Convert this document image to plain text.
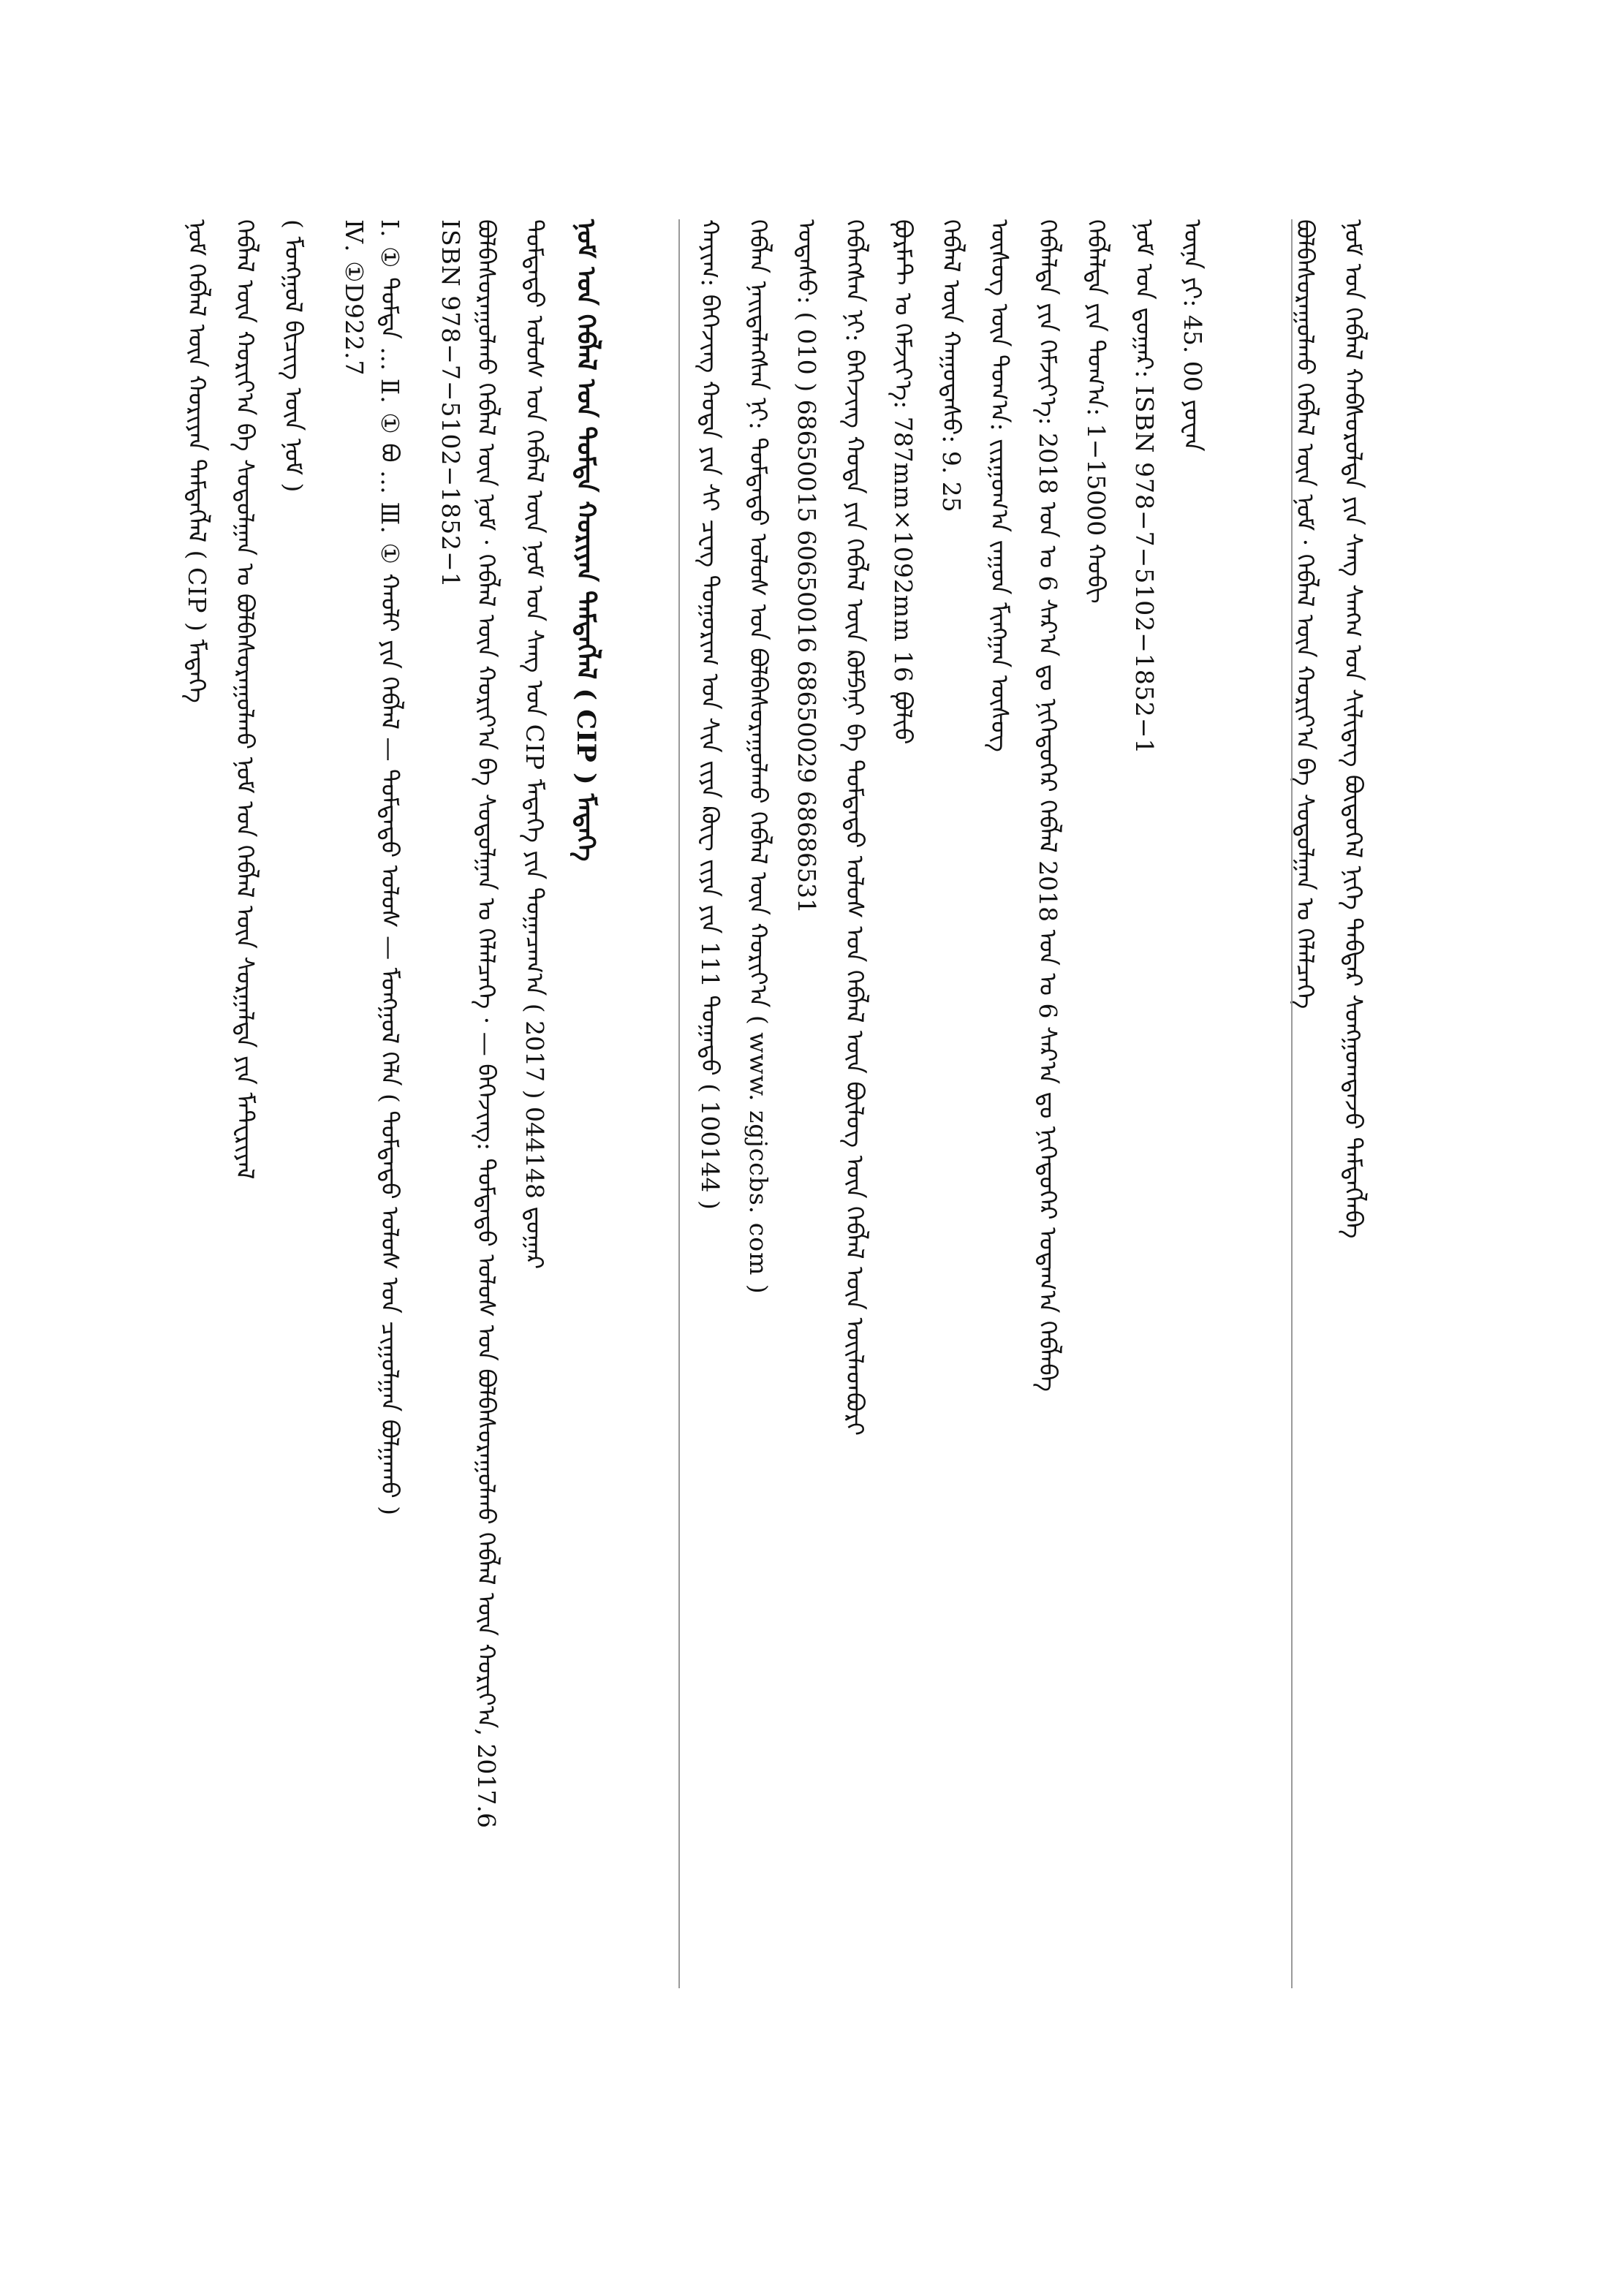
ᠨᠣᠮ ᠤᠨ ᠬᠡᠪᠯᠡᠯ ᠬᠠᠪᠰᠤᠷᠤᠯᠲᠠ ᠶᠢᠨ ᠰᠠᠩ ᠰᠠᠩᠭ᠋ ᠤᠨ ᠰᠢᠯᠢᠳᠡᠭ ᠪᠦᠲᠦᠭᠡᠯ ᠨᠢᠭᠡ ᠳᠡᠪᠲᠡᠷ ᠰᠣᠩᠭ᠋ᠤᠭᠳᠠᠵᠤ ᠲᠡᠮᠳᠡᠭᠯᠡᠪᠡ
ᠪᠣᠯᠪᠠᠰᠤᠷᠠᠭᠤᠯᠬᠤ ᠬᠡᠪᠯᠡᠯ ᠦᠨ ᠨᠣᠮ · ᠬᠡᠪᠯᠡᠯ ᠦᠨ ᠬᠣᠷᠢᠶ᠎ᠠ ᠪᠠ ᠰᠤᠳᠤᠯᠭ᠋ᠠᠨ ᠤ ᠬᠡᠯᠡᠯᠴᠡᠭᠡ
ᠦᠨᠡ ᠶᠢ: 45. 00 ᠶᠤᠸᠠᠨ
ᠨᠣᠮ ᠤᠨ ᠳ᠋ᠤᠭᠠᠷ: ISBN 978−7−5102−1852−1
ᠬᠡᠪᠯᠡᠯᠲᠡ ᠶᠢᠨ ᠲᠣᠭ᠎ᠠ: 1−15000 ᠬᠤᠪᠢ
ᠬᠡᠪᠯᠡᠯᠲᠡ ᠶᠢᠨ ᠬᠡᠮᠵᠢᠶ᠎ᠡ: 2018 ᠣᠨ ᠤ 6 ᠰᠠᠷ᠎ᠠ ᠳᠤ ᠨᠢᠭᠡᠳᠦᠭᠡᠷ ᠬᠡᠪᠯᠡᠯ 2018 ᠣᠨ ᠤ 6 ᠰᠠᠷ᠎ᠠ ᠳᠤ ᠨᠢᠭᠡᠳᠦᠭᠡᠷ ᠤᠳᠠᠭ᠎ᠠ ᠬᠡᠪᠯᠡᠪᠡ
ᠦᠰᠦᠭ ᠦᠨ ᠲᠣᠭ᠎ᠠ: ᠵᠢᠷᠭᠤᠭ᠎ᠠ ᠵᠠᠭᠤᠨ ᠮᠢᠩᠭ᠋ᠠᠨ ᠦᠰᠦᠭ
ᠬᠡᠪᠯᠡᠯ ᠦᠨ ᠬᠠᠭᠤᠳᠠᠰᠤ: 9. 25
ᠹᠤᠷᠮᠠᠲ ᠤ ᠬᠡᠮᠵᠢᠶ᠎ᠡ: 787mm×1092mm 16 ᠹᠣᠯᠢᠣ
ᠬᠡᠪᠯᠡᠭᠰᠡᠨ ᠨᠢ: ᠪᠡᠭᠡᠵᠢᠩ ᠬᠣᠲᠠ ᠶᠢᠨ ᠬᠡᠪᠯᠡᠯ ᠦᠨ ᠺᠣᠮᠫᠠᠨᠢ ᠪᠠ ᠳᠤᠮᠳᠠᠳᠤ ᠤᠯᠤᠰ ᠤᠨ ᠬᠡᠪᠯᠡᠯ ᠦᠨ ᠪᠦᠯᠦᠭ ᠦᠨ ᠬᠡᠪᠯᠡᠯ ᠦᠨ ᠦᠢᠯᠡᠳᠪᠦᠷᠢ
ᠤᠲᠠᠰᠤ: ( 010 ) 68650015 60650016 68650029 68686531
ᠬᠡᠪᠯᠡᠨ ᠨᠡᠢᠲᠡᠯᠡᠭᠰᠡᠨ ᠨᠢ: ᠳᠤᠮᠳᠠᠳᠤ ᠤᠯᠤᠰ ᠤᠨ ᠪᠣᠯᠪᠠᠰᠤᠷᠠᠭᠤᠯᠬᠤ ᠬᠡᠪᠯᠡᠯ ᠦᠨ ᠬᠣᠷᠢᠶ᠎ᠠ ( www. zgjccbs. com )
ᠬᠠᠶᠢᠭ: ᠪᠡᠭᠡᠵᠢᠩ ᠬᠣᠲᠠ ᠶᠢᠨ ᠰᠢ ᠴᠸᠩ ᠲᠣᠭᠣᠷᠢᠭ ᠤᠨ ᠰᠢᠨ ᠵᠢᠶᠡ ᠺᠦᠸ ᠵᠢᠶᠡ ᠶᠢᠨ 111 ᠲᠣᠭᠠᠲᠤ ( 100144 )
ᠨᠣᠮ ᠤᠨ ᠬᠡᠪᠯᠡᠯ ᠤᠨ ᠳᠤᠮᠳᠠ ᠬᠣᠷᠢᠶᠠᠨ ᠲᠡᠮᠳᠡᠭᠯᠡᠯ ( CIP ) ᠮᠡᠳᠡᠭᠡ
ᠳᠤᠮᠳᠠᠳᠤ ᠤᠯᠤᠰ ᠤᠨ ᠬᠡᠪᠯᠡᠯ ᠦᠨ ᠨᠣᠮ ᠤᠨ ᠰᠠᠩ ᠤᠨ CIP ᠮᠡᠳᠡᠭᠡ ᠶᠢᠨ ᠲᠣᠭᠠᠴᠠᠭ᠎ᠠ ( 2017 ) 044148 ᠳ᠋ᠤᠭᠠᠷ
ᠪᠣᠯᠪᠠᠰᠤᠷᠠᠭᠤᠯᠬᠤ ᠬᠡᠪᠯᠡᠯ ᠦᠨ ᠨᠣᠮ · ᠬᠡᠪᠯᠡᠯ ᠦᠨ ᠬᠣᠷᠢᠶ᠎ᠠ ᠪᠠ ᠰᠤᠳᠤᠯᠭ᠋ᠠᠨ ᠤ ᠬᠡᠯᠡᠯᠴᠡᠭᠡ · — ᠪᠡᠭᠡᠵᠢᠩ: ᠳᠤᠮᠳᠠᠳᠤ ᠤᠯᠤᠰ ᠤᠨ ᠪᠣᠯᠪᠠᠰᠤᠷᠠᠭᠤᠯᠬᠤ ᠬᠡᠪᠯᠡᠯ ᠦᠨ ᠬᠣᠷᠢᠶ᠎ᠠ, 2017.6
ISBN 978−7−5102−1852−1
Ⅰ. ① ᠳᠤᠮᠳᠠ … Ⅱ. ① ᠪᠣ … Ⅲ. ① ᠬᠠᠤᠯᠢ ᠶᠢᠨ ᠬᠡᠪᠯᠡᠯ — ᠳᠤᠮᠳᠠᠳᠤ ᠤᠯᠤᠰ — ᠮᠣᠩᠭ᠋ᠣᠯ ᠬᠡᠯᠡ ( ᠳᠤᠮᠳᠠᠳᠤ ᠤᠯᠤᠰ ᠤᠨ ᠴᠢᠭᠤᠯᠭ᠋ᠠᠨ ᠪᠣᠯᠭᠠᠬᠤ )
Ⅳ. ①D922.7
( ᠮᠣᠩᠭ᠋ᠣᠯ ᠪᠢᠴᠢᠭ᠌ ᠦᠨ ᠨᠣᠮ )
ᠬᠡᠪᠯᠡᠯ ᠦᠨ ᠬᠣᠷᠢᠶ᠎ᠠ ᠪᠠ ᠰᠤᠳᠤᠯᠭ᠋ᠠᠨ ᠤ ᠪᠣᠯᠪᠠᠰᠤᠷᠠᠭᠤᠯᠬᠤ ᠨᠣᠮ ᠤᠨ ᠬᠡᠪᠯᠡᠯ ᠦᠨ ᠰᠤᠷᠭᠠᠯᠲᠠ ᠶᠢᠨ ᠮᠠᠲ᠋ᠧᠷᠢᠶᠠᠯ
ᠨᠣᠮ ᠬᠡᠪᠯᠡᠯ ᠦᠨ ᠬᠣᠷᠢᠶᠠᠨ ᠲᠡᠮᠳᠡᠭᠯᠡᠯ ( CIP ) ᠮᠡᠳᠡᠭᠡ
